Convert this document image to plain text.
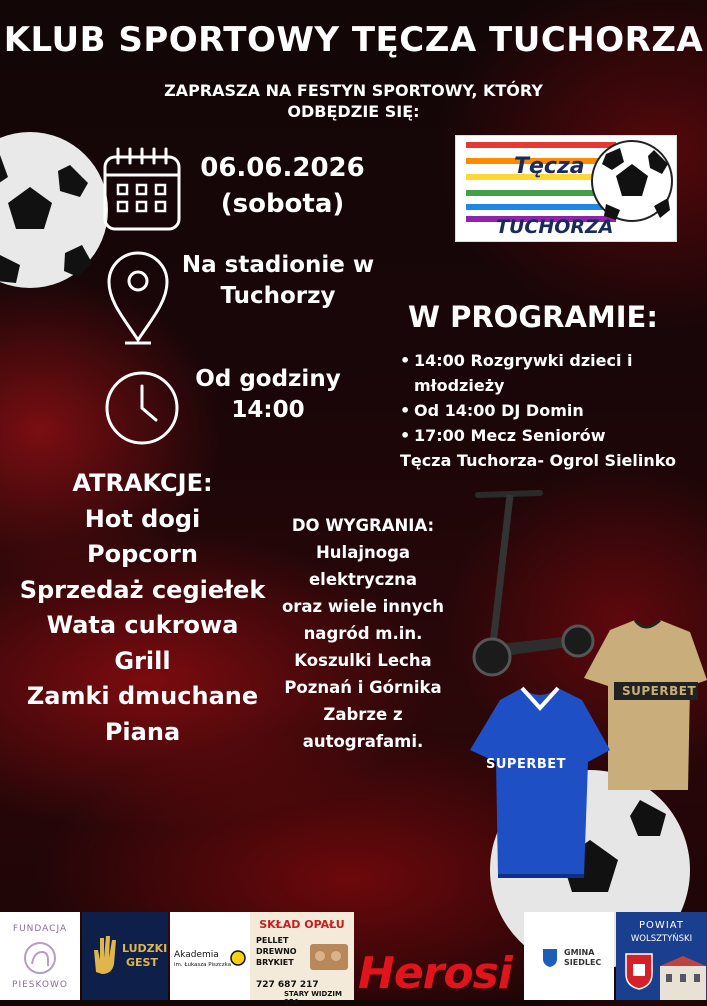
KLUB SPORTOWY TĘCZA TUCHORZA
ZAPRASZA NA FESTYN SPORTOWY, KTÓRY
ODBĘDZIE SIĘ:
06.06.2026
(sobota)
Na stadionie w
Tuchorzy
Od godziny
14:00
Tęcza
TUCHORZA
W PROGRAMIE:
• 14:00 Rozgrywki dzieci i
młodzieży
• Od 14:00 DJ Domin
• 17:00 Mecz Seniorów
Tęcza Tuchorza- Ogrol Sielinko
ATRAKCJE:
Hot dogi
Popcorn
Sprzedaż cegiełek
Wata cukrowa
Grill
Zamki dmuchane
Piana
DO WYGRANIA:
Hulajnoga
elektryczna
oraz wiele innych
nagród m.in.
Koszulki Lecha
Poznań i Górnika
Zabrze z
autografami.
SUPERBET
SUPERBET
FUNDACJA
PIESKOWO
LUDZKI
GEST
Akademia
im. Łukasza Piszczka
SKŁAD OPAŁU
PELLET
DREWNO
BRYKIET
727 687 217
STARY WIDZIM 95A
Herosi	GMINA
SIEDLEC
POWIAT
WOLSZTYŃSKI
